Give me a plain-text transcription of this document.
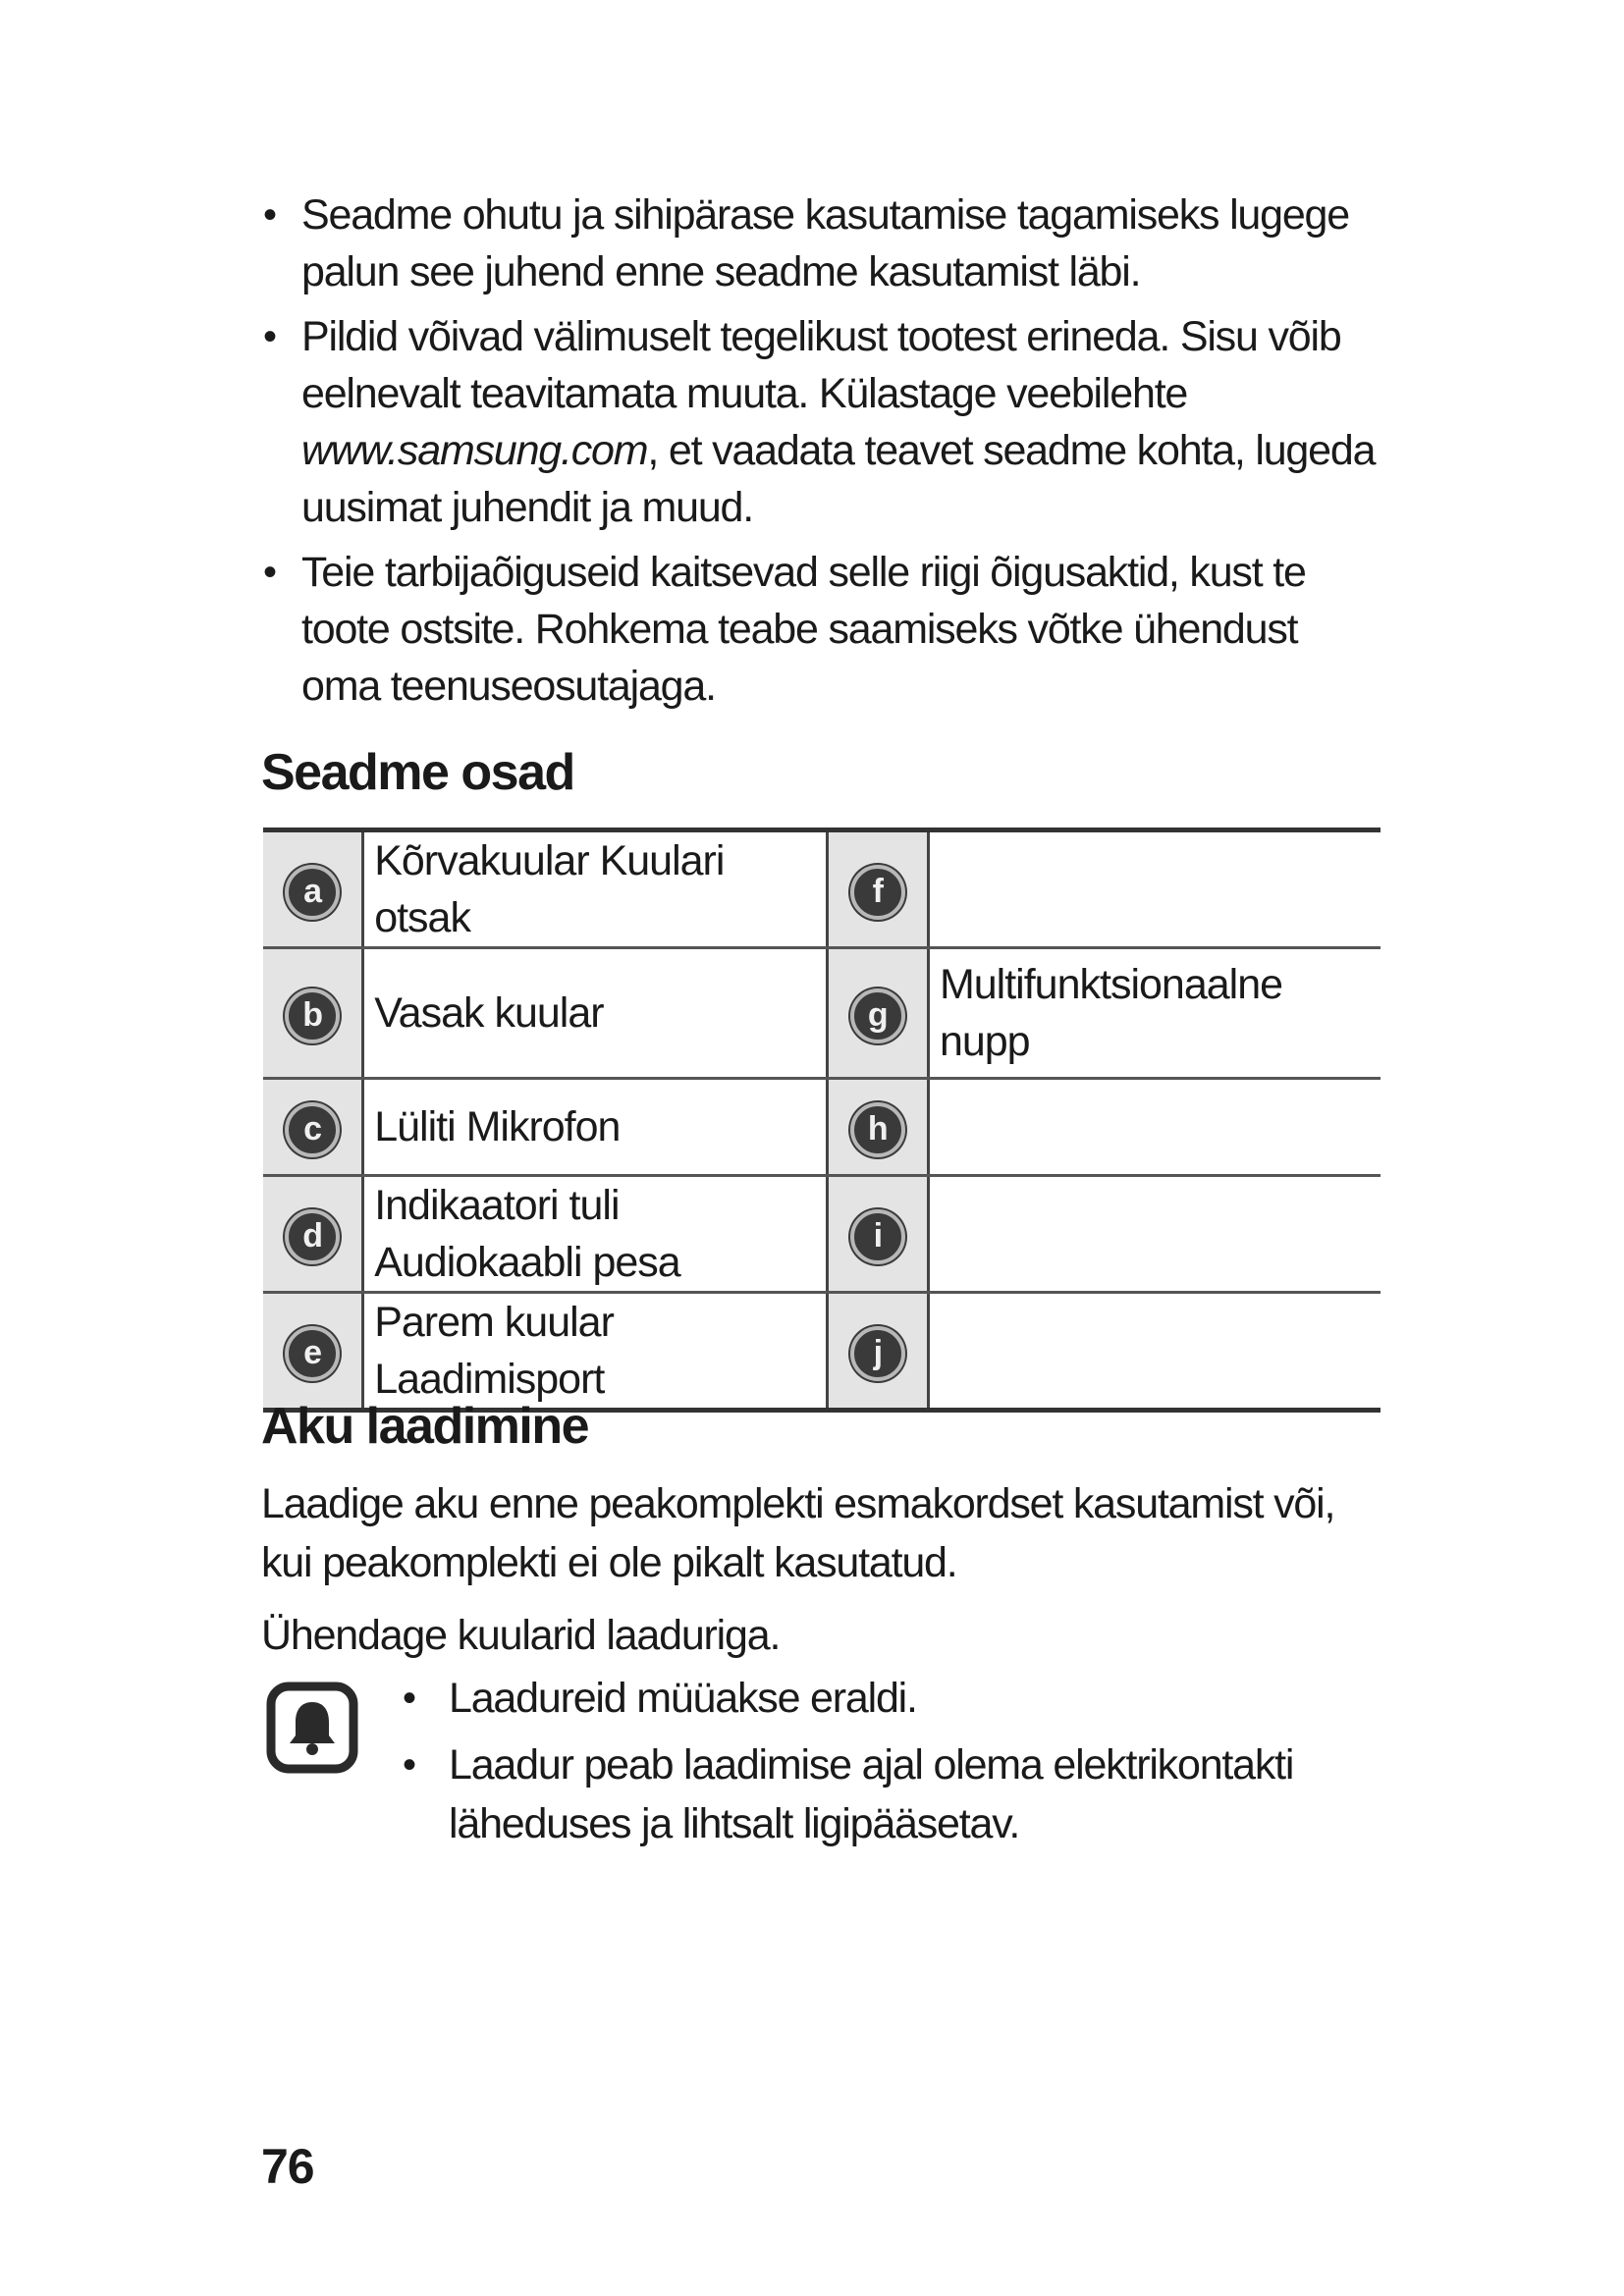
• Seadme ohutu ja sihipärase kasutamise tagamiseks lugege palun see juhend enne seadme kasutamist läbi.
• Pildid võivad välimuselt tegelikust tootest erineda. Sisu võib eelnevalt teavitamata muuta. Külastage veebilehte www.samsung.com, et vaadata teavet seadme kohta, lugeda uusimat juhendit ja muud.
• Teie tarbijaõiguseid kaitsevad selle riigi õigusaktid, kust te toote ostsite. Rohkema teabe saamiseks võtke ühendust oma teenuseosutajaga.
Seadme osad
a	Kõrvakuular Kuulari otsak	f	
b	Vasak kuular	g	Multifunktsionaalne nupp
c	Lüliti Mikrofon	h	
d	Indikaatori tuli Audiokaabli pesa	i	
e	Parem kuular Laadimisport	j	
Aku laadimine

Laadige aku enne peakomplekti esmakordset kasutamist või, kui peakomplekti ei ole pikalt kasutatud.

Ühendage kuularid laaduriga.

• Laadureid müüakse eraldi.
• Laadur peab laadimise ajal olema elektrikontakti läheduses ja lihtsalt ligipääsetav.
76
